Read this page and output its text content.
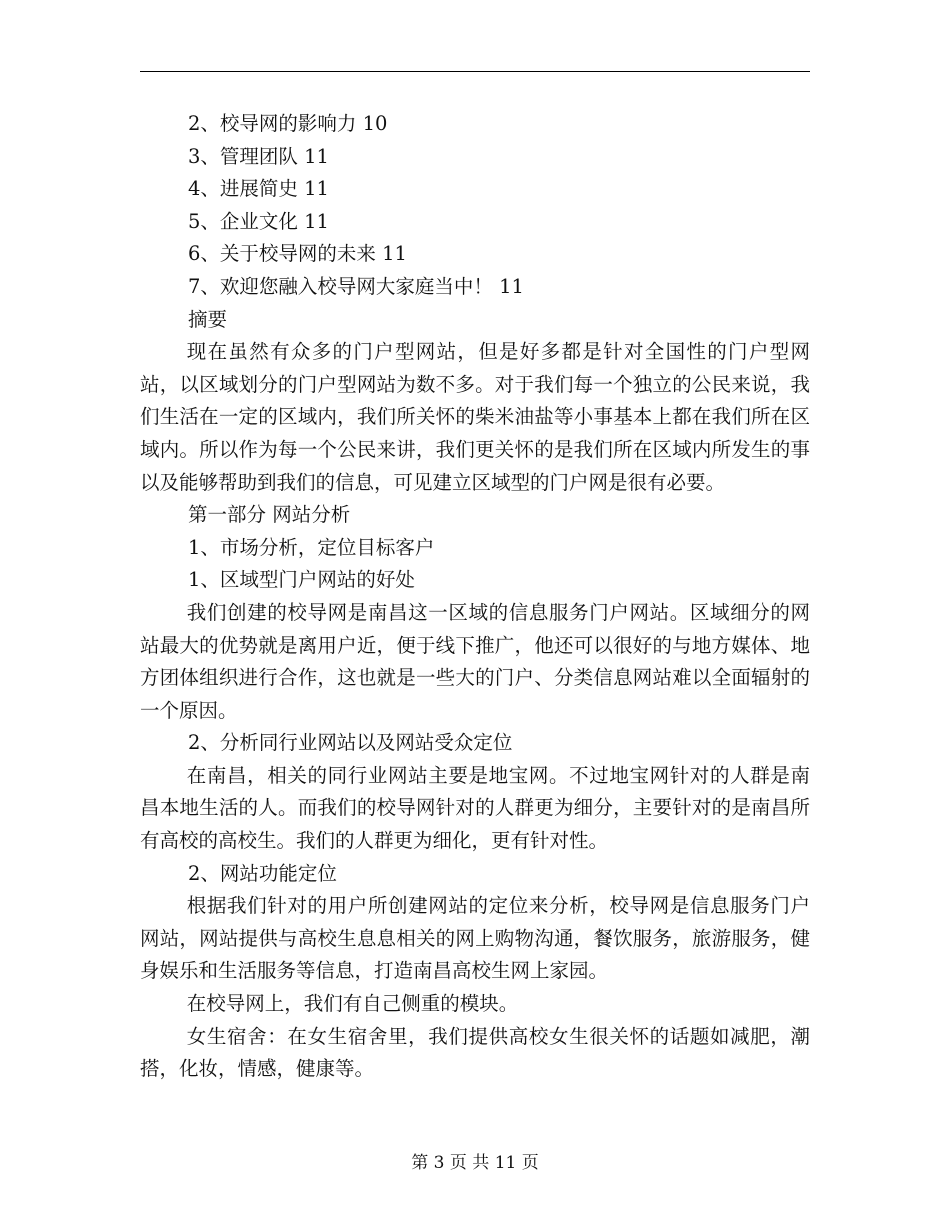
2、校导网的影响力 10

3、管理团队 11

4、进展简史 11

5、企业文化 11

6、关于校导网的未来 11

7、欢迎您融入校导网大家庭当中！ 11

摘要

现在虽然有众多的门户型网站，但是好多都是针对全国性的门户型网站，以区域划分的门户型网站为数不多。对于我们每一个独立的公民来说，我们生活在一定的区域内，我们所关怀的柴米油盐等小事基本上都在我们所在区域内。所以作为每一个公民来讲，我们更关怀的是我们所在区域内所发生的事以及能够帮助到我们的信息，可见建立区域型的门户网是很有必要。

第一部分 网站分析

1、市场分析，定位目标客户

1、区域型门户网站的好处

我们创建的校导网是南昌这一区域的信息服务门户网站。区域细分的网站最大的优势就是离用户近，便于线下推广，他还可以很好的与地方媒体、地方团体组织进行合作，这也就是一些大的门户、分类信息网站难以全面辐射的一个原因。

2、分析同行业网站以及网站受众定位

在南昌，相关的同行业网站主要是地宝网。不过地宝网针对的人群是南昌本地生活的人。而我们的校导网针对的人群更为细分，主要针对的是南昌所有高校的高校生。我们的人群更为细化，更有针对性。

2、网站功能定位

根据我们针对的用户所创建网站的定位来分析，校导网是信息服务门户网站，网站提供与高校生息息相关的网上购物沟通，餐饮服务，旅游服务，健身娱乐和生活服务等信息，打造南昌高校生网上家园。

在校导网上，我们有自己侧重的模块。

女生宿舍：在女生宿舍里，我们提供高校女生很关怀的话题如减肥，潮搭，化妆，情感，健康等。

第 3 页 共 11 页
